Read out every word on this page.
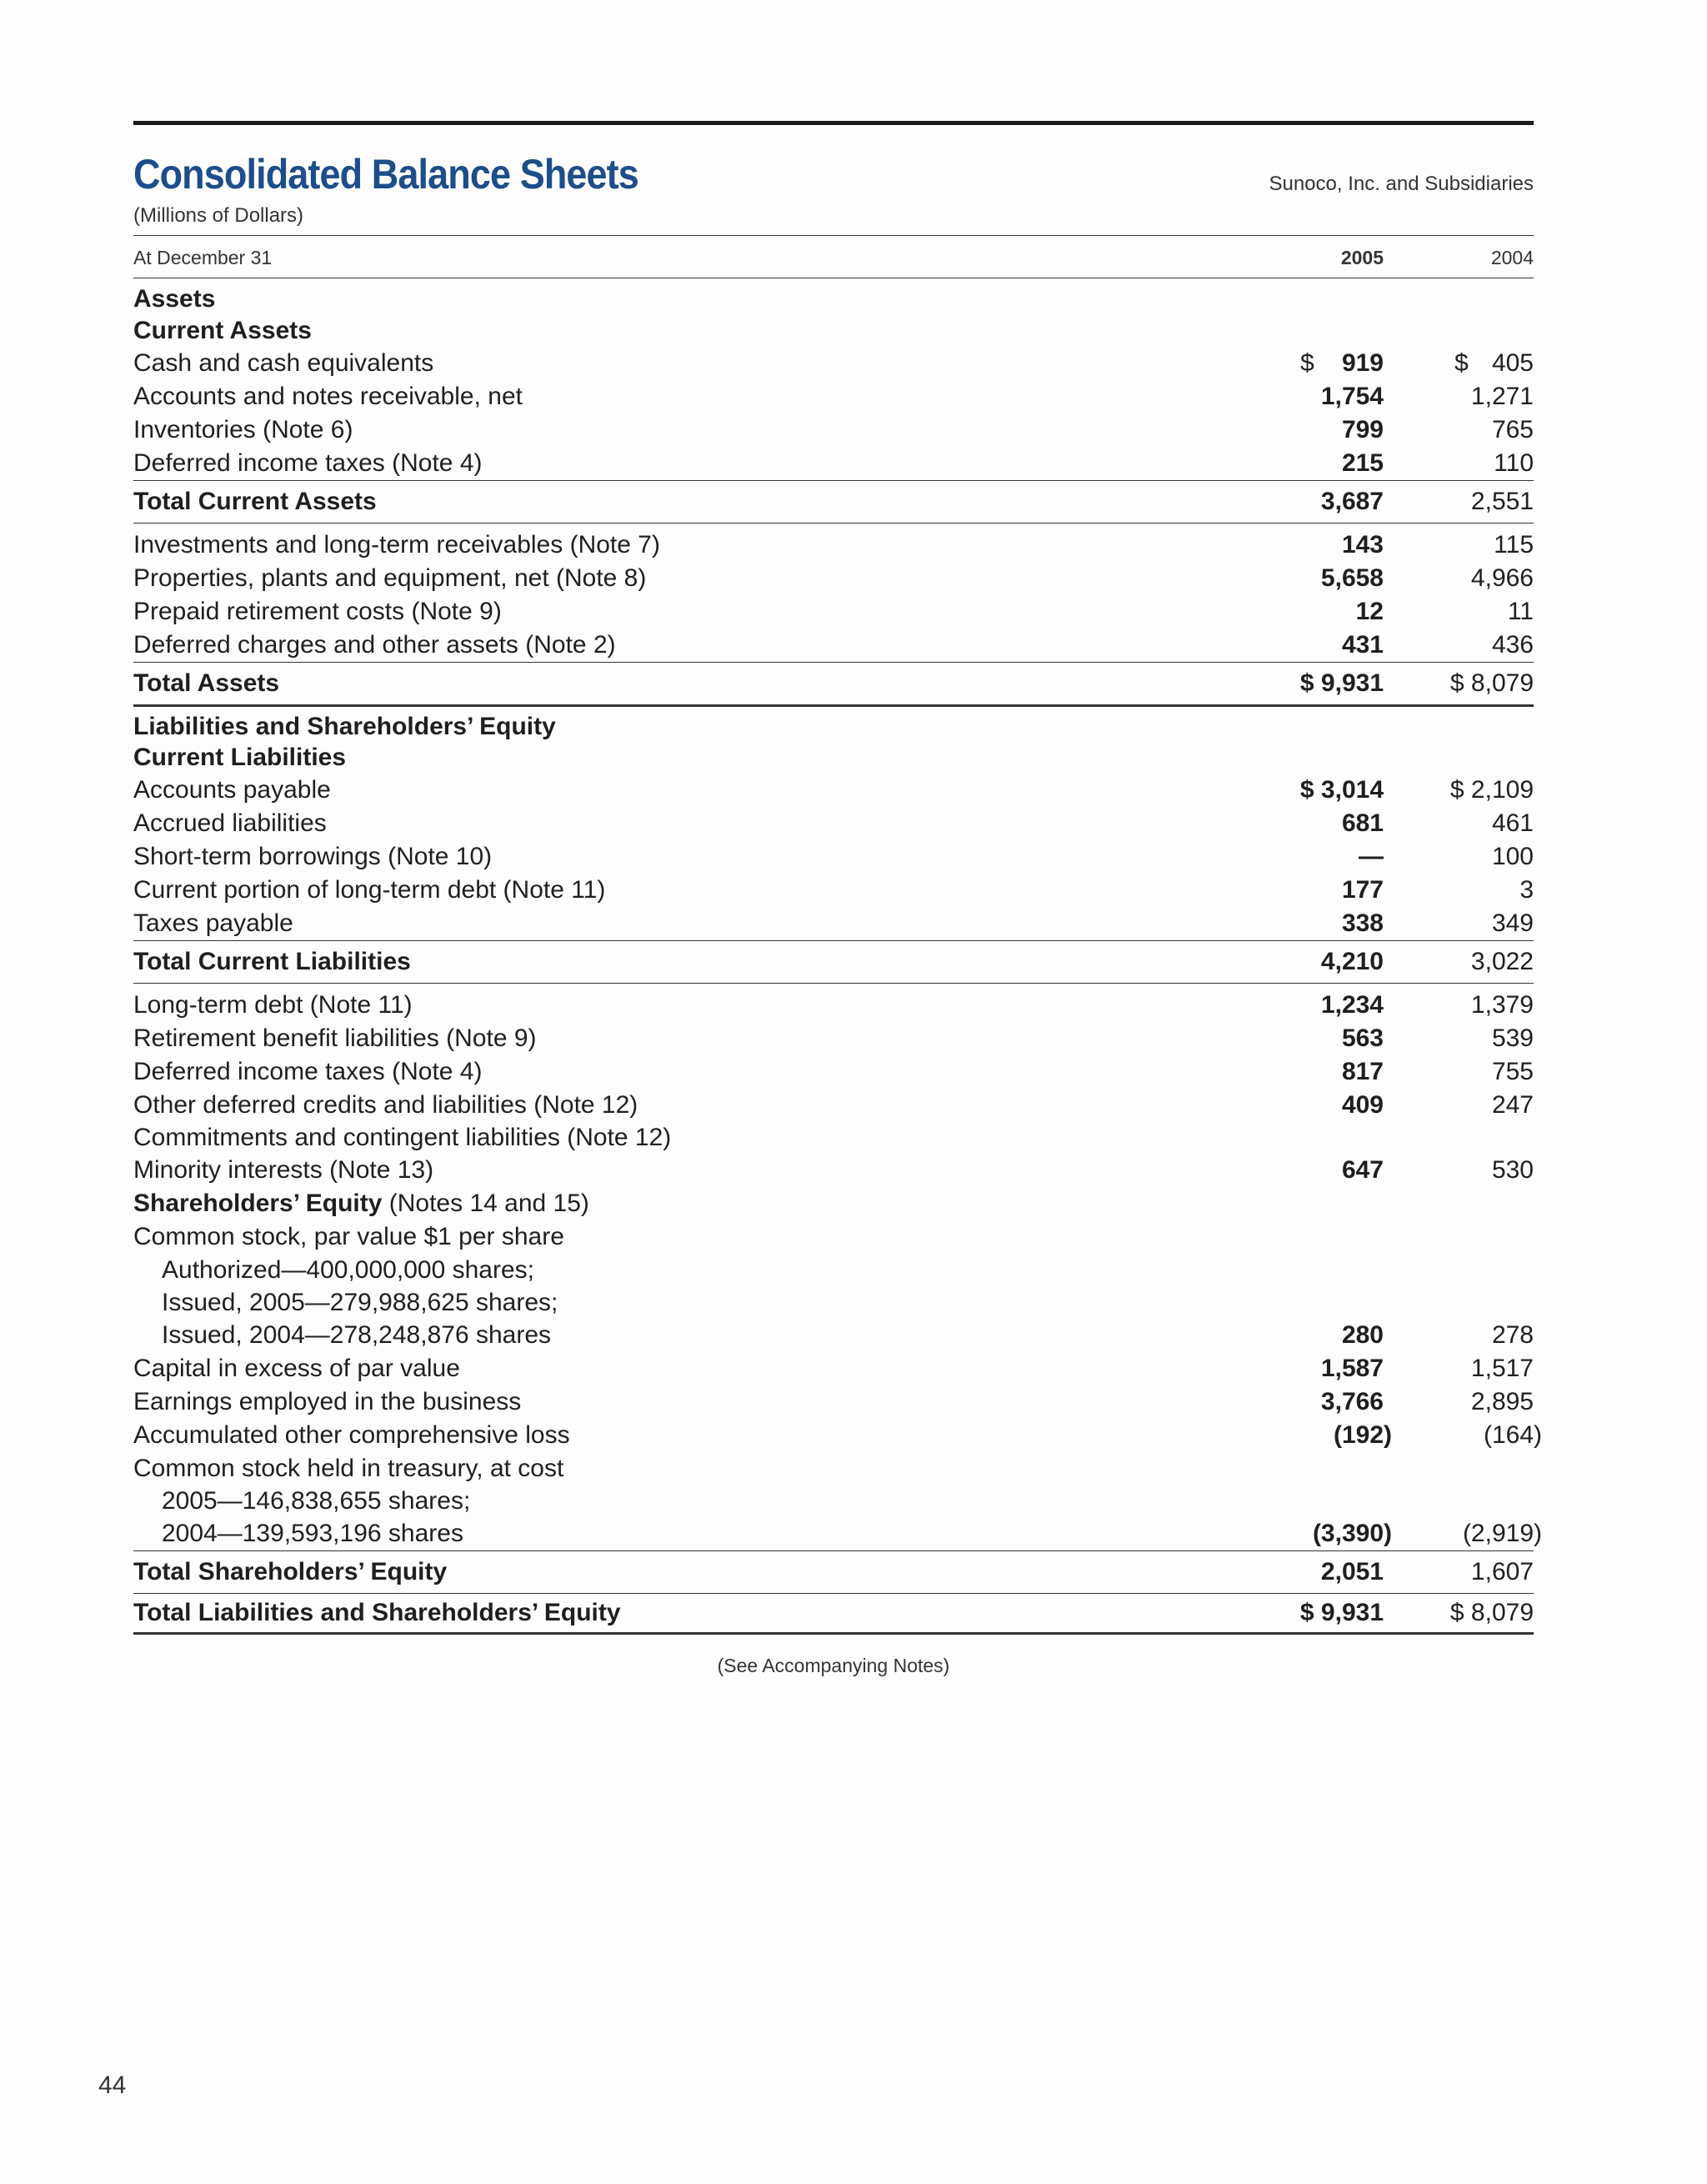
Consolidated Balance Sheets	Sunoco, Inc. and Subsidiaries
(Millions of Dollars)
At December 31	2005	2004
Assets
Current Assets
Cash and cash equivalents	$ 919	$ 405
Accounts and notes receivable, net	1,754	1,271
Inventories (Note 6)	799	765
Deferred income taxes (Note 4)	215	110
Total Current Assets	3,687	2,551
Investments and long-term receivables (Note 7)	143	115
Properties, plants and equipment, net (Note 8)	5,658	4,966
Prepaid retirement costs (Note 9)	12	11
Deferred charges and other assets (Note 2)	431	436
Total Assets	$ 9,931	$ 8,079
Liabilities and Shareholders’ Equity
Current Liabilities
Accounts payable	$ 3,014	$ 2,109
Accrued liabilities	681	461
Short-term borrowings (Note 10)	—	100
Current portion of long-term debt (Note 11)	177	3
Taxes payable	338	349
Total Current Liabilities	4,210	3,022
Long-term debt (Note 11)	1,234	1,379
Retirement benefit liabilities (Note 9)	563	539
Deferred income taxes (Note 4)	817	755
Other deferred credits and liabilities (Note 12)	409	247
Commitments and contingent liabilities (Note 12)
Minority interests (Note 13)	647	530
Shareholders’ Equity (Notes 14 and 15)
Common stock, par value $1 per share
Authorized—400,000,000 shares;
Issued, 2005—279,988,625 shares;
Issued, 2004—278,248,876 shares	280	278
Capital in excess of par value	1,587	1,517
Earnings employed in the business	3,766	2,895
Accumulated other comprehensive loss	(192)	(164)
Common stock held in treasury, at cost
2005—146,838,655 shares;
2004—139,593,196 shares	(3,390)	(2,919)
Total Shareholders’ Equity	2,051	1,607
Total Liabilities and Shareholders’ Equity	$ 9,931	$ 8,079
(See Accompanying Notes)
44
